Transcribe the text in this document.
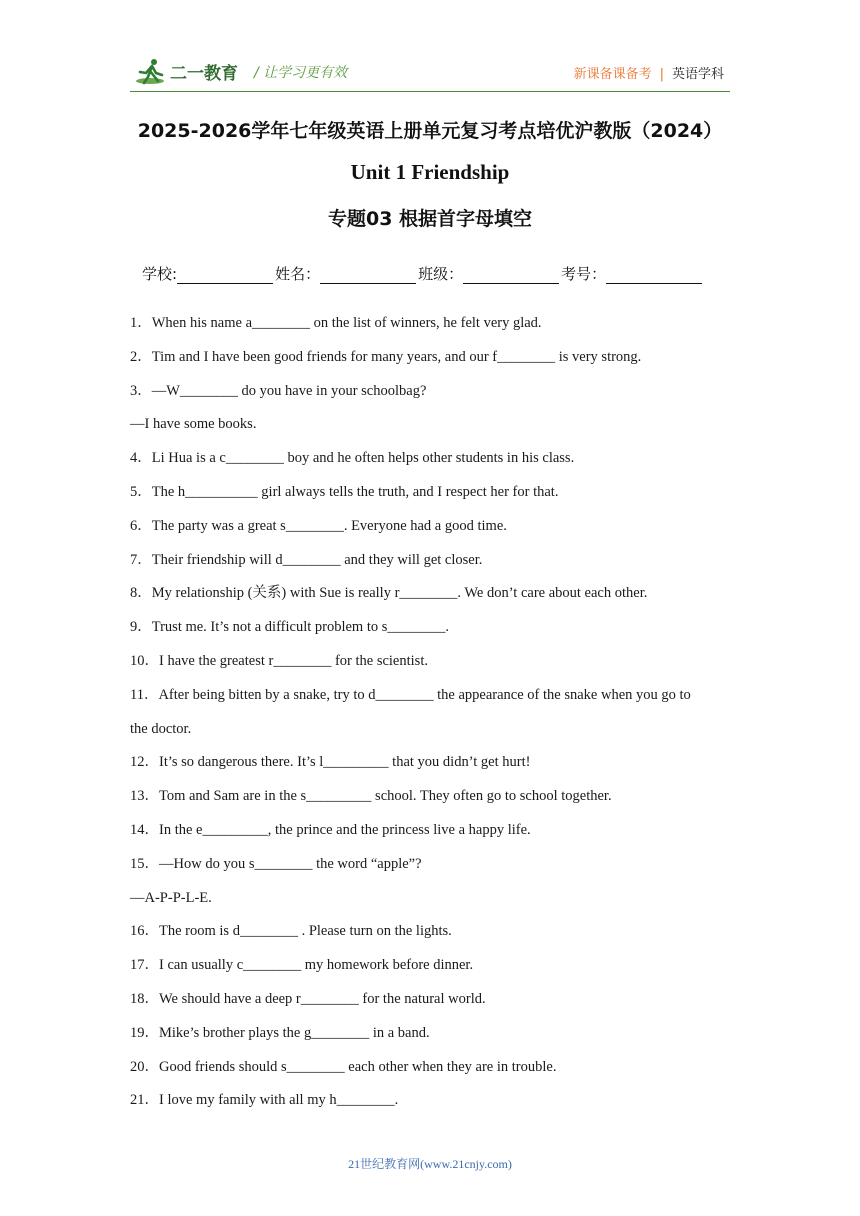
二一教育 / 让学习更有效	新课备课备考 | 英语学科
2025-2026学年七年级英语上册单元复习考点培优沪教版（2024）
Unit 1 Friendship
专题03 根据首字母填空
学校:	姓名：	班级：	考号：
1．When his name a________ on the list of winners, he felt very glad.
2．Tim and I have been good friends for many years, and our f________ is very strong.
3．—W________ do you have in your schoolbag?
—I have some books.
4．Li Hua is a c________ boy and he often helps other students in his class.
5．The h__________ girl always tells the truth, and I respect her for that.
6．The party was a great s________. Everyone had a good time.
7．Their friendship will d________ and they will get closer.
8．My relationship (关系) with Sue is really r________. We don’t care about each other.
9．Trust me. It’s not a difficult problem to s________.
10．I have the greatest r________ for the scientist.
11．After being bitten by a snake, try to d________ the appearance of the snake when you go to
the doctor.
12．It’s so dangerous there. It’s l_________ that you didn’t get hurt!
13．Tom and Sam are in the s_________ school. They often go to school together.
14．In the e_________, the prince and the princess live a happy life.
15．—How do you s________ the word “apple”?
—A-P-P-L-E.
16．The room is d________ . Please turn on the lights.
17．I can usually c________ my homework before dinner.
18．We should have a deep r________ for the natural world.
19．Mike’s brother plays the g________ in a band.
20．Good friends should s________ each other when they are in trouble.
21．I love my family with all my h________.
21世纪教育网(www.21cnjy.com)
